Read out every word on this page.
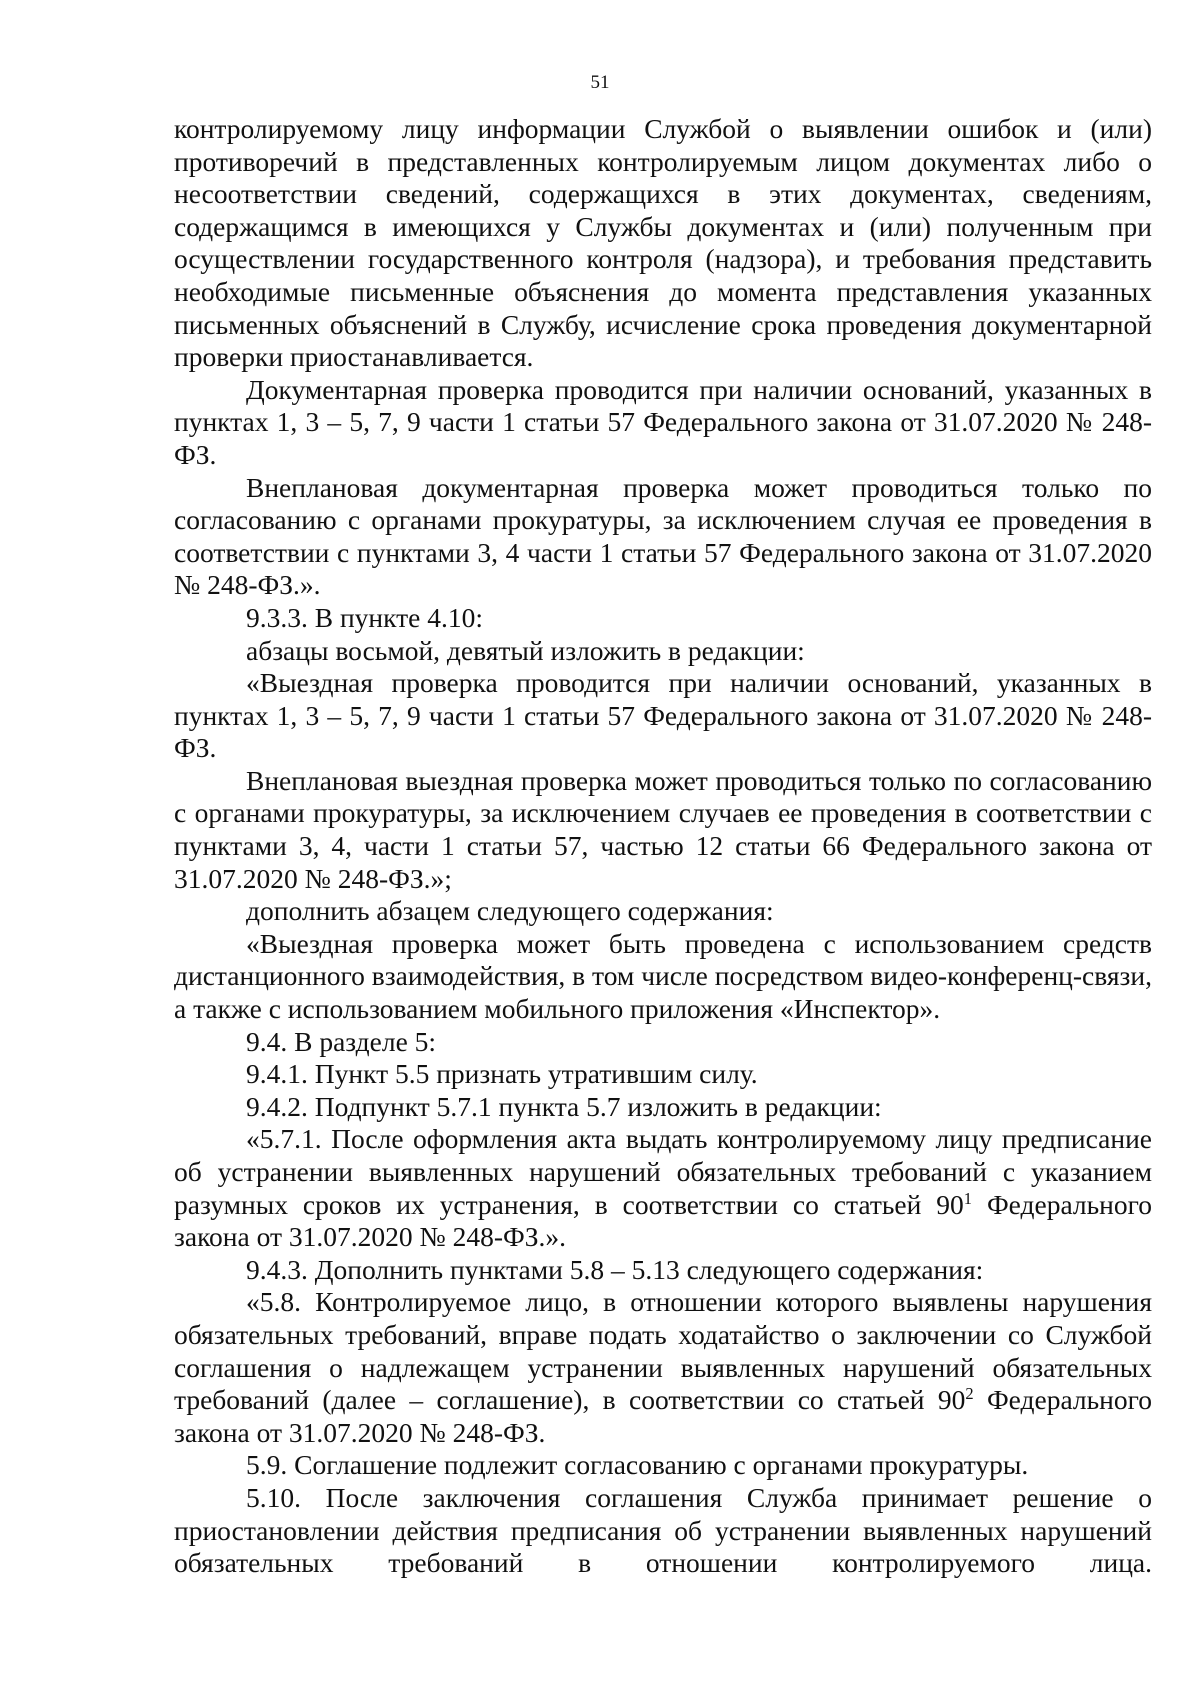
51

контролируемому лицу информации Службой о выявлении ошибок и (или) противоречий в представленных контролируемым лицом документах либо о несоответствии сведений, содержащихся в этих документах, сведениям, содержащимся в имеющихся у Службы документах и (или) полученным при осуществлении государственного контроля (надзора), и требования представить необходимые письменные объяснения до момента представления указанных письменных объяснений в Службу, исчисление срока проведения документарной проверки приостанавливается.

Документарная проверка проводится при наличии оснований, указанных в пунктах 1, 3 – 5, 7, 9 части 1 статьи 57 Федерального закона от 31.07.2020 № 248-ФЗ.

Внеплановая документарная проверка может проводиться только по согласованию с органами прокуратуры, за исключением случая ее проведения в соответствии с пунктами 3, 4 части 1 статьи 57 Федерального закона от 31.07.2020 № 248-ФЗ.».

9.3.3. В пункте 4.10:

абзацы восьмой, девятый изложить в редакции:

«Выездная проверка проводится при наличии оснований, указанных в пунктах 1, 3 – 5, 7, 9 части 1 статьи 57 Федерального закона от 31.07.2020 № 248-ФЗ.

Внеплановая выездная проверка может проводиться только по согласованию с органами прокуратуры, за исключением случаев ее проведения в соответствии с пунктами 3, 4, части 1 статьи 57, частью 12 статьи 66 Федерального закона от 31.07.2020 № 248-ФЗ.»;

дополнить абзацем следующего содержания:

«Выездная проверка может быть проведена с использованием средств дистанционного взаимодействия, в том числе посредством видео-конференц-связи, а также с использованием мобильного приложения «Инспектор».

9.4. В разделе 5:

9.4.1. Пункт 5.5 признать утратившим силу.

9.4.2. Подпункт 5.7.1 пункта 5.7 изложить в редакции:

«5.7.1. После оформления акта выдать контролируемому лицу предписание об устранении выявленных нарушений обязательных требований с указанием разумных сроков их устранения, в соответствии со статьей $90^1$ Федерального закона от 31.07.2020 № 248-ФЗ.».

9.4.3. Дополнить пунктами 5.8 – 5.13 следующего содержания:

«5.8. Контролируемое лицо, в отношении которого выявлены нарушения обязательных требований, вправе подать ходатайство о заключении со Службой соглашения о надлежащем устранении выявленных нарушений обязательных требований (далее – соглашение), в соответствии со статьей $90^2$ Федерального закона от 31.07.2020 № 248-ФЗ.

5.9. Соглашение подлежит согласованию с органами прокуратуры.

5.10. После заключения соглашения Служба принимает решение о приостановлении действия предписания об устранении выявленных нарушений обязательных требований в отношении контролируемого лица.
